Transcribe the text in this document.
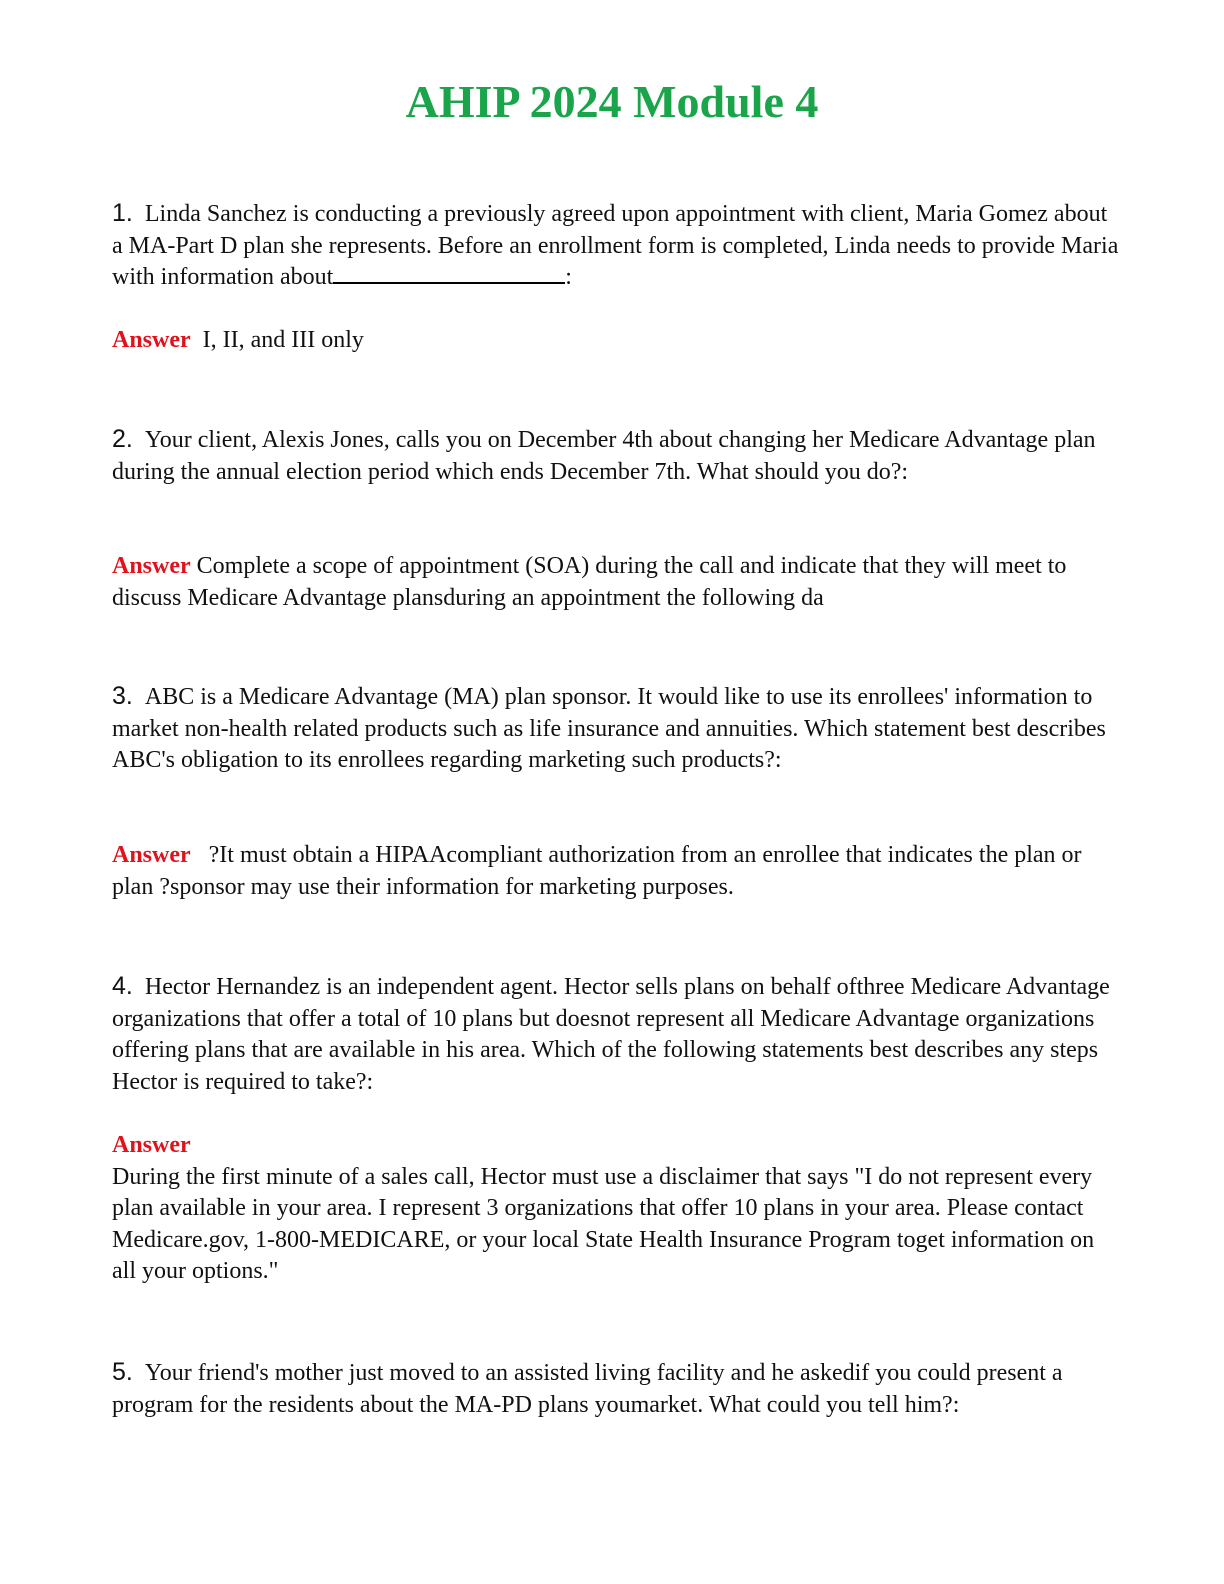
AHIP 2024 Module 4

1. Linda Sanchez is conducting a previously agreed upon appointment with client, Maria Gomez about a MA-Part D plan she represents. Before an enrollment form is completed, Linda needs to provide Maria with information about	:

Answer I, II, and III only

2. Your client, Alexis Jones, calls you on December 4th about changing her Medicare Advantage plan during the annual election period which ends December 7th. What should you do?:

Answer Complete a scope of appointment (SOA) during the call and indicate that they will meet to discuss Medicare Advantage plansduring an appointment the following da

3. ABC is a Medicare Advantage (MA) plan sponsor. It would like to use its enrollees' information to market non-health related products such as life insurance and annuities. Which statement best describes ABC's obligation to its enrollees regarding marketing such products?:

Answer ?It must obtain a HIPAAcompliant authorization from an enrollee that indicates the plan or plan ?sponsor may use their information for marketing purposes.

4. Hector Hernandez is an independent agent. Hector sells plans on behalf ofthree Medicare Advantage organizations that offer a total of 10 plans but doesnot represent all Medicare Advantage organizations offering plans that are available in his area. Which of the following statements best describes any steps Hector is required to take?:

Answer

During the first minute of a sales call, Hector must use a disclaimer that says "I do not represent every plan available in your area. I represent 3 organizations that offer 10 plans in your area. Please contact Medicare.gov, 1-800-MEDICARE, or your local State Health Insurance Program toget information on all your options."

5. Your friend's mother just moved to an assisted living facility and he askedif you could present a program for the residents about the MA-PD plans youmarket. What could you tell him?:
